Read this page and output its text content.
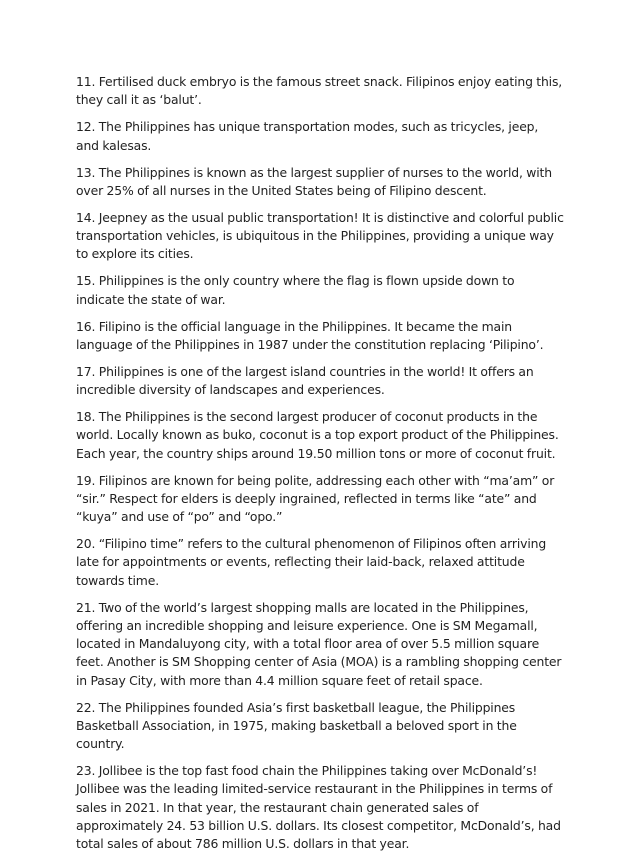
11. Fertilised duck embryo is the famous street snack. Filipinos enjoy eating this, they call it as ‘balut’.

12. The Philippines has unique transportation modes, such as tricycles, jeep, and kalesas.

13. The Philippines is known as the largest supplier of nurses to the world, with over 25% of all nurses in the United States being of Filipino descent.

14. Jeepney as the usual public transportation! It is distinctive and colorful public transportation vehicles, is ubiquitous in the Philippines, providing a unique way to explore its cities.

15. Philippines is the only country where the flag is flown upside down to indicate the state of war.

16. Filipino is the official language in the Philippines. It became the main language of the Philippines in 1987 under the constitution replacing ‘Pilipino’.

17. Philippines is one of the largest island countries in the world! It offers an incredible diversity of landscapes and experiences.

18. The Philippines is the second largest producer of coconut products in the world. Locally known as buko, coconut is a top export product of the Philippines. Each year, the country ships around 19.50 million tons or more of coconut fruit.

19. Filipinos are known for being polite, addressing each other with “ma’am” or “sir.” Respect for elders is deeply ingrained, reflected in terms like “ate” and “kuya” and use of “po” and “opo.”

20. “Filipino time” refers to the cultural phenomenon of Filipinos often arriving late for appointments or events, reflecting their laid-back, relaxed attitude towards time.

21. Two of the world’s largest shopping malls are located in the Philippines, offering an incredible shopping and leisure experience. One is SM Megamall, located in Mandaluyong city, with a total floor area of over 5.5 million square feet. Another is SM Shopping center of Asia (MOA) is a rambling shopping center in Pasay City, with more than 4.4 million square feet of retail space.

22. The Philippines founded Asia’s first basketball league, the Philippines Basketball Association, in 1975, making basketball a beloved sport in the country.

23. Jollibee is the top fast food chain the Philippines taking over McDonald’s! Jollibee was the leading limited-service restaurant in the Philippines in terms of sales in 2021. In that year, the restaurant chain generated sales of approximately 24. 53 billion U.S. dollars. Its closest competitor, McDonald’s, had total sales of about 786 million U.S. dollars in that year.
